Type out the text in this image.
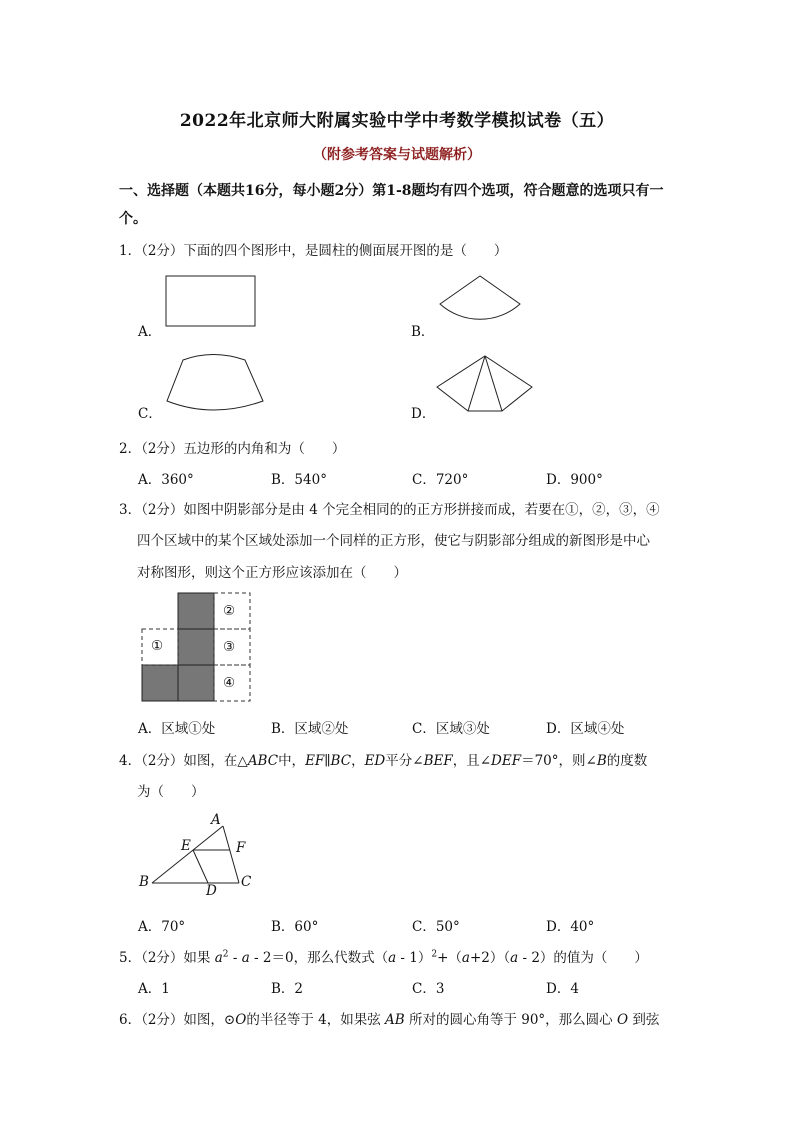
2022年北京师大附属实验中学中考数学模拟试卷（五）
（附参考答案与试题解析）
一、选择题（本题共16分，每小题2分）第1-8题均有四个选项，符合题意的选项只有一
个。
1．（2分）下面的四个图形中，是圆柱的侧面展开图的是（　　）
A．	B．
C．	D．
2．（2分）五边形的内角和为（　　）
A．360°	B．540°	C．720°	D．900°
3．（2分）如图中阴影部分是由 4 个完全相同的的正方形拼接而成，若要在①，②，③，④
四个区域中的某个区域处添加一个同样的正方形，使它与阴影部分组成的新图形是中心
对称图形，则这个正方形应该添加在（　　）
①
②
③
④
A．区域①处	B．区域②处	C．区域③处	D．区域④处
4．（2分）如图，在△ABC中，EF∥BC，ED平分∠BEF，且∠DEF＝70°，则∠B的度数
为（　　）
A
E	F
B
D
C
A．70°	B．60°	C．50°	D．40°
5．（2分）如果 $a^2 - a - 2=0$，那么代数式（a - 1）$^2$+（a+2）（a - 2）的值为（　　）
A．1	B．2	C．3	D．4
6．（2分）如图，⊙O的半径等于 4，如果弦 AB 所对的圆心角等于 90°，那么圆心 O 到弦
